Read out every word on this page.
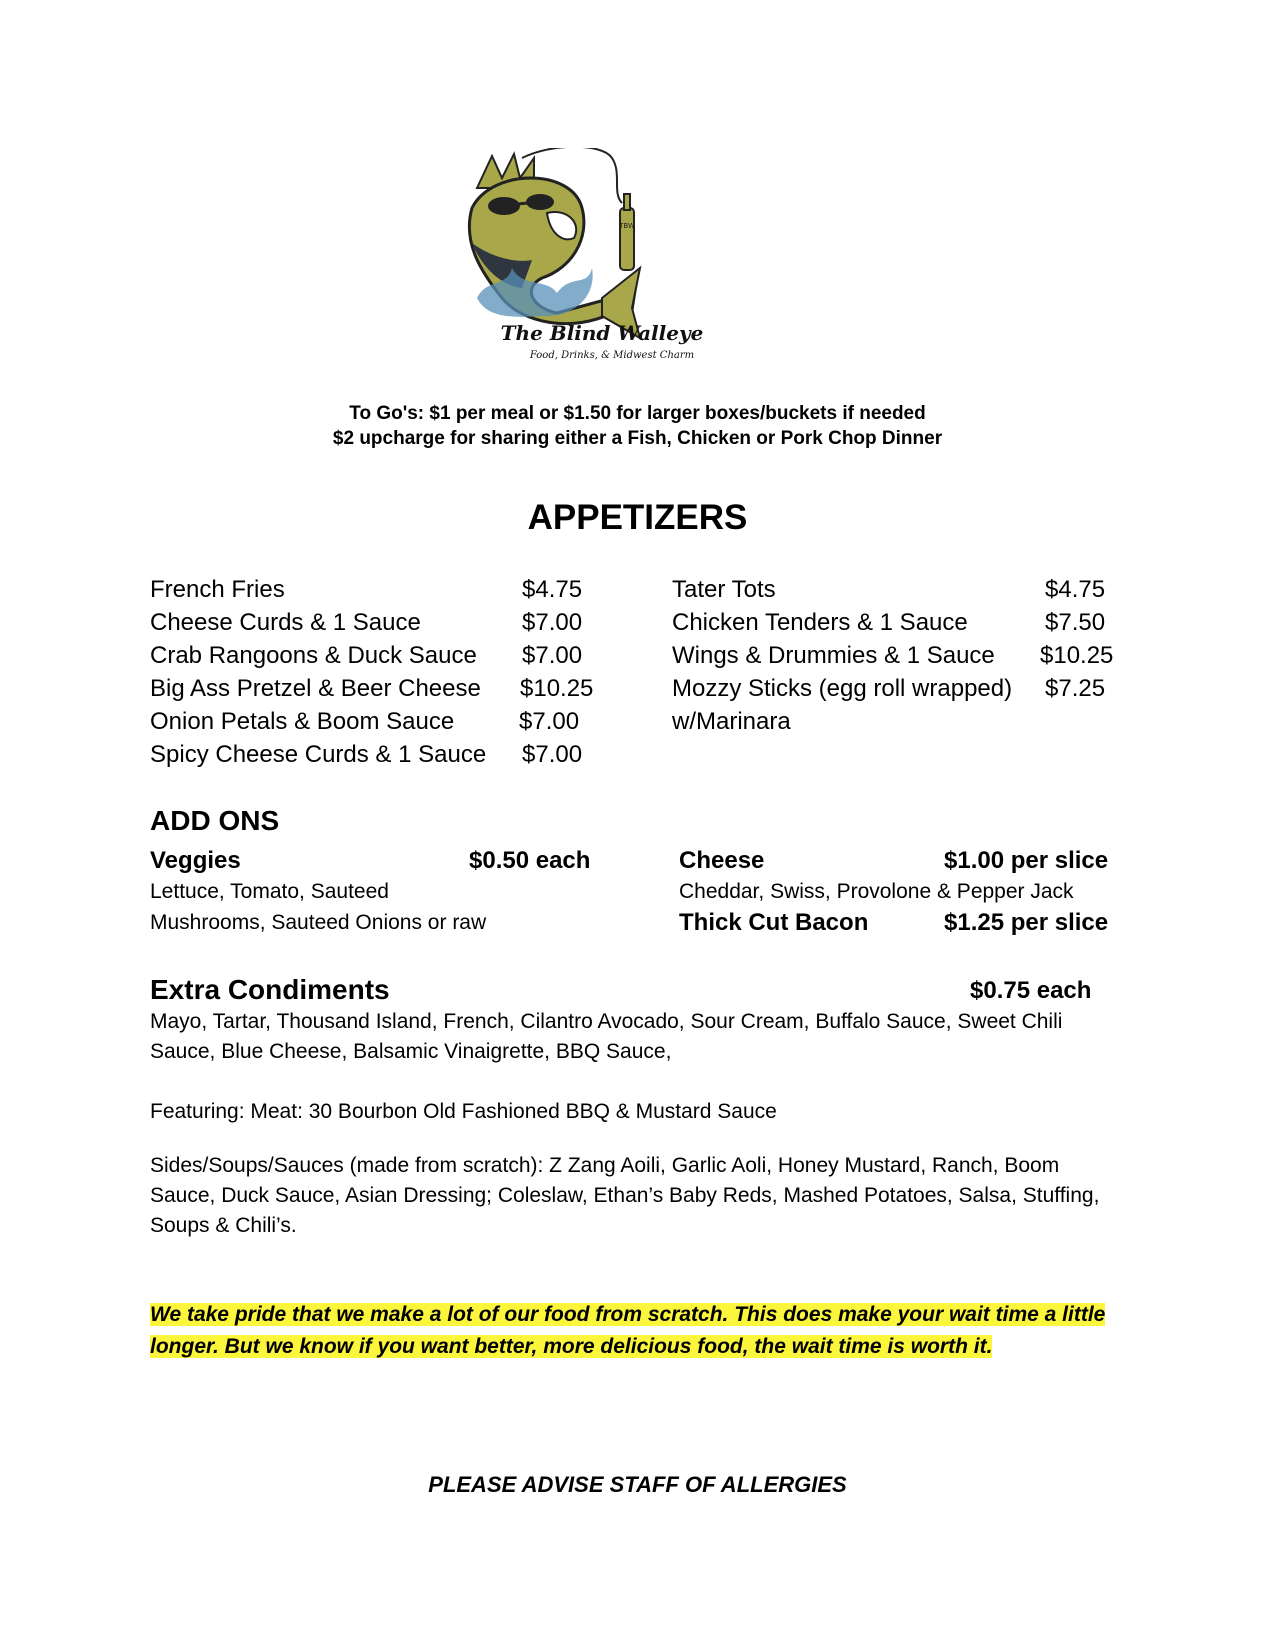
TBW
The Blind Walleye
Food, Drinks, & Midwest Charm
To Go's: $1 per meal or $1.50 for larger boxes/buckets if needed
$2 upcharge for sharing either a Fish, Chicken or Pork Chop Dinner
APPETIZERS
French Fries	$4.75
Cheese Curds & 1 Sauce	$7.00
Crab Rangoons & Duck Sauce $7.00
Big Ass Pretzel & Beer Cheese $10.25
Onion Petals & Boom Sauce	$7.00
Spicy Cheese Curds & 1 Sauce $7.00
Tater Tots	$4.75
Chicken Tenders & 1 Sauce	$7.50
Wings & Drummies & 1 Sauce $10.25
Mozzy Sticks (egg roll wrapped) $7.25
w/Marinara
ADD ONS
Veggies	$0.50 each
Lettuce, Tomato, Sauteed
Mushrooms, Sauteed Onions or raw
Cheese	$1.00 per slice
Cheddar, Swiss, Provolone & Pepper Jack
Thick Cut Bacon	$1.25 per slice
Extra Condiments	$0.75 each
Mayo, Tartar, Thousand Island, French, Cilantro Avocado, Sour Cream, Buffalo Sauce, Sweet Chili Sauce, Blue Cheese, Balsamic Vinaigrette, BBQ Sauce,
Featuring: Meat: 30 Bourbon Old Fashioned BBQ & Mustard Sauce
Sides/Soups/Sauces (made from scratch): Z Zang Aoili, Garlic Aoli, Honey Mustard, Ranch, Boom Sauce, Duck Sauce, Asian Dressing; Coleslaw, Ethan’s Baby Reds, Mashed Potatoes, Salsa, Stuffing, Soups & Chili’s.
We take pride that we make a lot of our food from scratch. This does make your wait time a little longer. But we know if you want better, more delicious food, the wait time is worth it.
PLEASE ADVISE STAFF OF ALLERGIES
